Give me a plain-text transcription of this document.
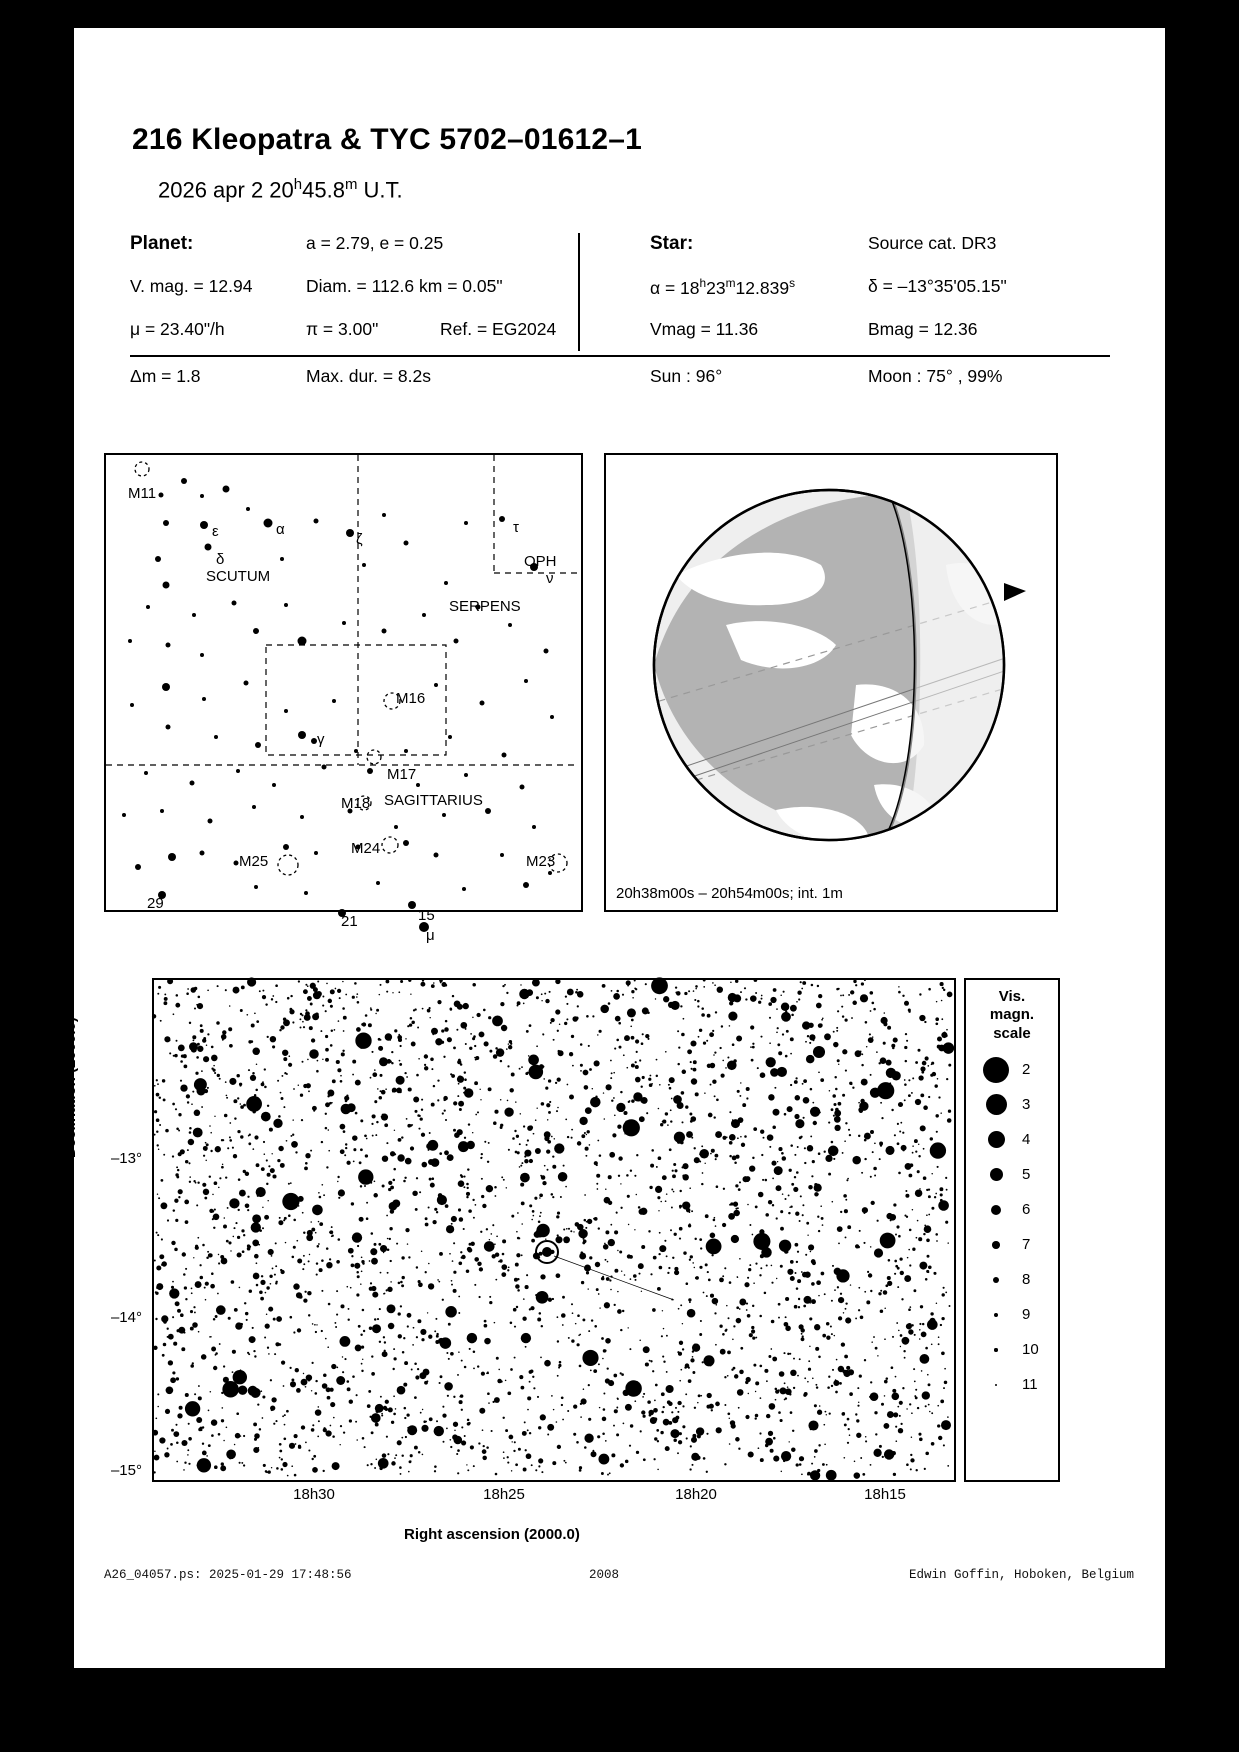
216 Kleopatra & TYC 5702–01612–1
2026 apr 2 20$^h$45.8$^m$ U.T.
Planet:	a = 2.79, e = 0.25	Star:	Source cat. DR3
V. mag. = 12.94	Diam. = 112.6 km = 0.05"	$\alpha = 18^h23^m12.839^s$	δ = –13°35'05.15"
μ = 23.40"/h	π = 3.00"	Ref. = EG2024	Vmag = 11.36	Bmag = 12.36
Δm = 1.8	Max. dur. = 8.2s	Sun : 96°	Moon : 75° , 99%
M11
ε	α
δ
SCUTUM
ζ
τ
OPH
ν
SERPENS
M16
γ
M17
M18 SAGITTARIUS
M24
M25	M23
29
21	15
μ
20h38m00s – 20h54m00s; int. 1m
Declination (2000.0)
Right ascension (2000.0)
–13°
–14°
–15°
18h30	18h25	18h20	18h15
Vis.
magn.
scale
2
3
4
5
6
7
8
9
10
11
A26_04057.ps: 2025-01-29 17:48:56	2008	Edwin Goffin, Hoboken, Belgium
